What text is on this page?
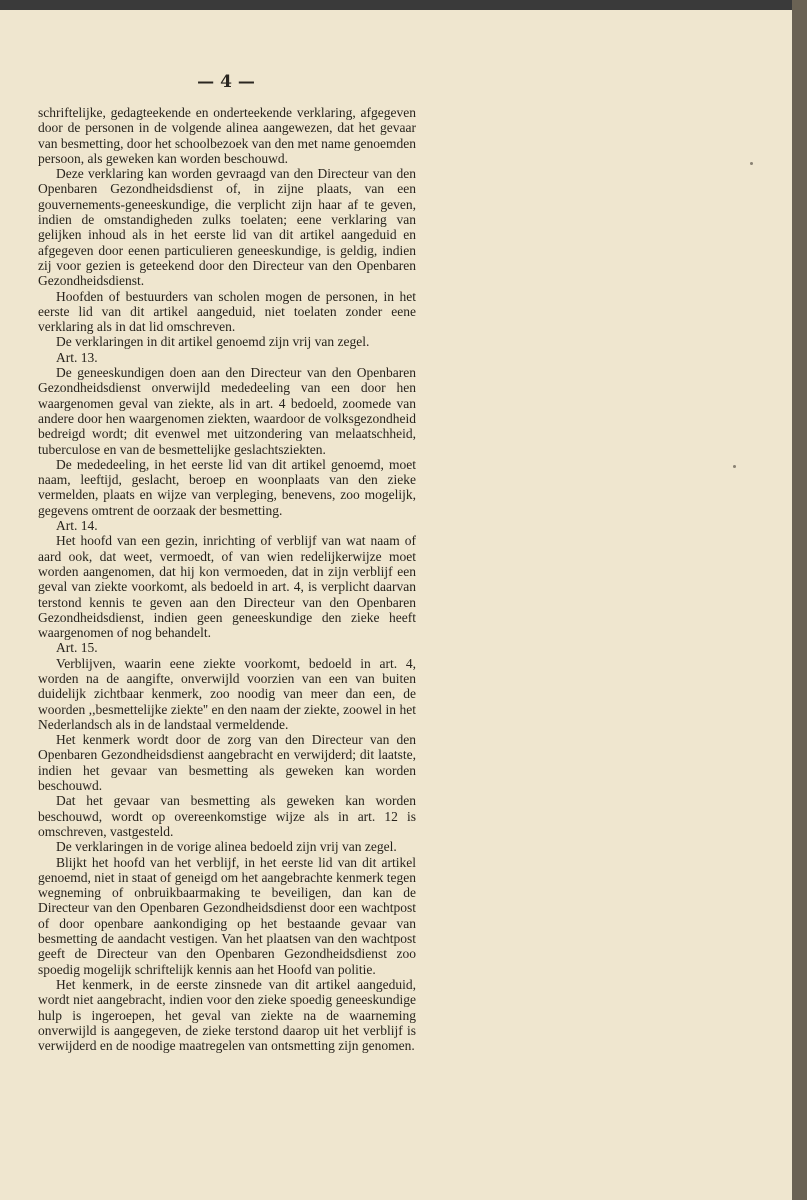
— 4 —

schriftelijke, gedagteekende en onderteekende verklaring, afgegeven door de personen in de volgende alinea aangewezen, dat het gevaar van besmetting, door het schoolbezoek van den met name genoemden persoon, als geweken kan worden beschouwd.

Deze verklaring kan worden gevraagd van den Directeur van den Openbaren Gezondheidsdienst of, in zijne plaats, van een gouvernements-geneeskundige, die verplicht zijn haar af te geven, indien de omstandigheden zulks toelaten; eene verklaring van gelijken inhoud als in het eerste lid van dit artikel aangeduid en afgegeven door eenen particulieren geneeskundige, is geldig, indien zij voor gezien is geteekend door den Directeur van den Openbaren Gezondheidsdienst.

Hoofden of bestuurders van scholen mogen de personen, in het eerste lid van dit artikel aangeduid, niet toelaten zonder eene verklaring als in dat lid omschreven.

De verklaringen in dit artikel genoemd zijn vrij van zegel.

Art. 13.

De geneeskundigen doen aan den Directeur van den Openbaren Gezondheidsdienst onverwijld mededeeling van een door hen waargenomen geval van ziekte, als in art. 4 bedoeld, zoomede van andere door hen waargenomen ziekten, waardoor de volksgezondheid bedreigd wordt; dit evenwel met uitzondering van melaatschheid, tuberculose en van de besmettelijke geslachtsziekten.

De mededeeling, in het eerste lid van dit artikel genoemd, moet naam, leeftijd, geslacht, beroep en woonplaats van den zieke vermelden, plaats en wijze van verpleging, benevens, zoo mogelijk, gegevens omtrent de oorzaak der besmetting.

Art. 14.

Het hoofd van een gezin, inrichting of verblijf van wat naam of aard ook, dat weet, vermoedt, of van wien redelijkerwijze moet worden aangenomen, dat hij kon vermoeden, dat in zijn verblijf een geval van ziekte voorkomt, als bedoeld in art. 4, is verplicht daarvan terstond kennis te geven aan den Directeur van den Openbaren Gezondheidsdienst, indien geen geneeskundige den zieke heeft waargenomen of nog behandelt.

Art. 15.

Verblijven, waarin eene ziekte voorkomt, bedoeld in art. 4, worden na de aangifte, onverwijld voorzien van een van buiten duidelijk zichtbaar kenmerk, zoo noodig van meer dan een, de woorden ,,besmettelijke ziekte'' en den naam der ziekte, zoowel in het Nederlandsch als in de landstaal vermeldende.

Het kenmerk wordt door de zorg van den Directeur van den Openbaren Gezondheidsdienst aangebracht en verwijderd; dit laatste, indien het gevaar van besmetting als geweken kan worden beschouwd.

Dat het gevaar van besmetting als geweken kan worden beschouwd, wordt op overeenkomstige wijze als in art. 12 is omschreven, vastgesteld.

De verklaringen in de vorige alinea bedoeld zijn vrij van zegel.

Blijkt het hoofd van het verblijf, in het eerste lid van dit artikel genoemd, niet in staat of geneigd om het aangebrachte kenmerk tegen wegneming of onbruikbaarmaking te beveiligen, dan kan de Directeur van den Openbaren Gezondheidsdienst door een wachtpost of door openbare aankondiging op het bestaande gevaar van besmetting de aandacht vestigen. Van het plaatsen van den wachtpost geeft de Directeur van den Openbaren Gezondheidsdienst zoo spoedig mogelijk schriftelijk kennis aan het Hoofd van politie.

Het kenmerk, in de eerste zinsnede van dit artikel aangeduid, wordt niet aangebracht, indien voor den zieke spoedig geneeskundige hulp is ingeroepen, het geval van ziekte na de waarneming onverwijld is aangegeven, de zieke terstond daarop uit het verblijf is verwijderd en de noodige maatregelen van ontsmetting zijn genomen.
